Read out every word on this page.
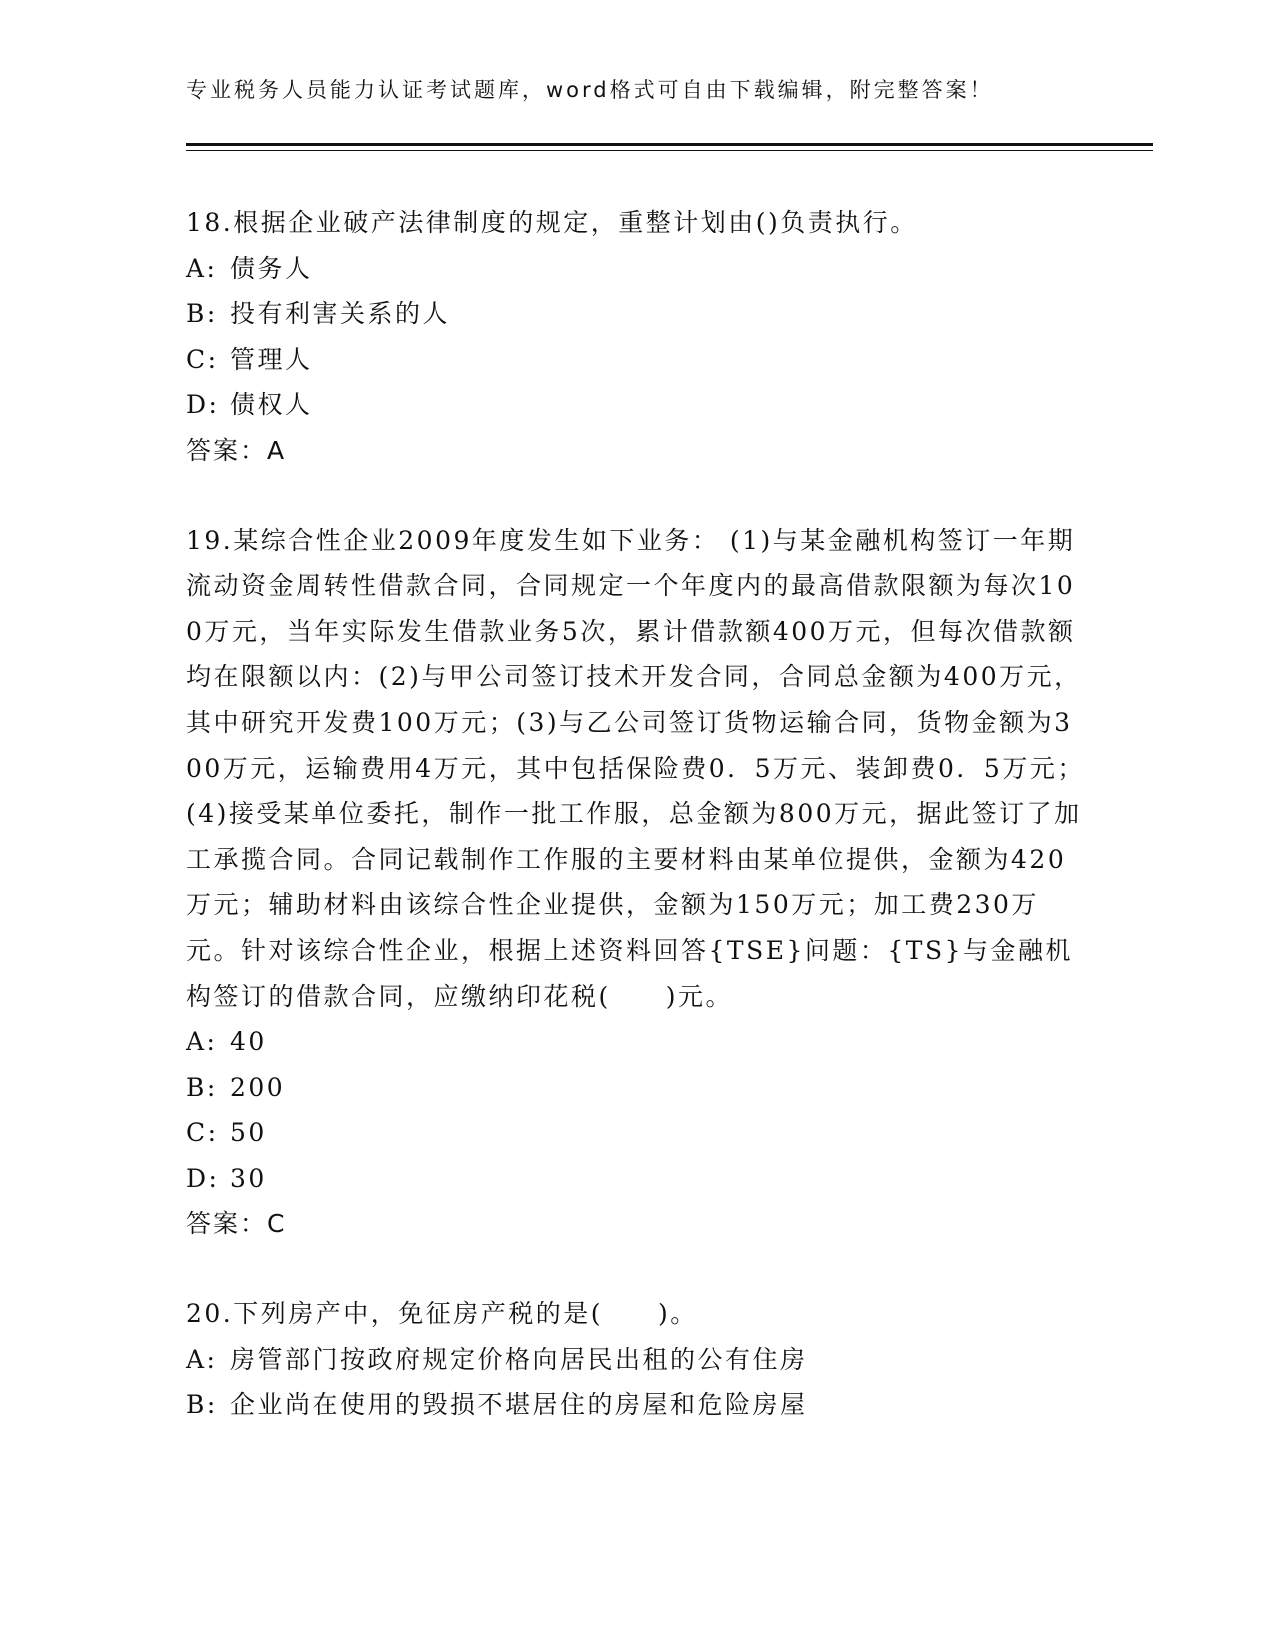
专业税务人员能力认证考试题库，word格式可自由下载编辑，附完整答案！

18.根据企业破产法律制度的规定，重整计划由()负责执行。

A: 债务人
B: 投有利害关系的人
C: 管理人
D: 债权人
答案：A

19.某综合性企业2009年度发生如下业务： (1)与某金融机构签订一年期流动资金周转性借款合同，合同规定一个年度内的最高借款限额为每次100万元，当年实际发生借款业务5次，累计借款额400万元，但每次借款额均在限额以内：(2)与甲公司签订技术开发合同，合同总金额为400万元，其中研究开发费100万元；(3)与乙公司签订货物运输合同，货物金额为300万元，运输费用4万元，其中包括保险费0．5万元、装卸费0．5万元；(4)接受某单位委托，制作一批工作服，总金额为800万元，据此签订了加工承揽合同。合同记载制作工作服的主要材料由某单位提供，金额为420万元；辅助材料由该综合性企业提供，金额为150万元；加工费230万元。针对该综合性企业，根据上述资料回答{TSE}问题：{TS}与金融机构签订的借款合同，应缴纳印花税(　　)元。

A: 40
B: 200
C: 50
D: 30
答案：C

20.下列房产中，免征房产税的是(　　)。

A: 房管部门按政府规定价格向居民出租的公有住房
B: 企业尚在使用的毁损不堪居住的房屋和危险房屋
